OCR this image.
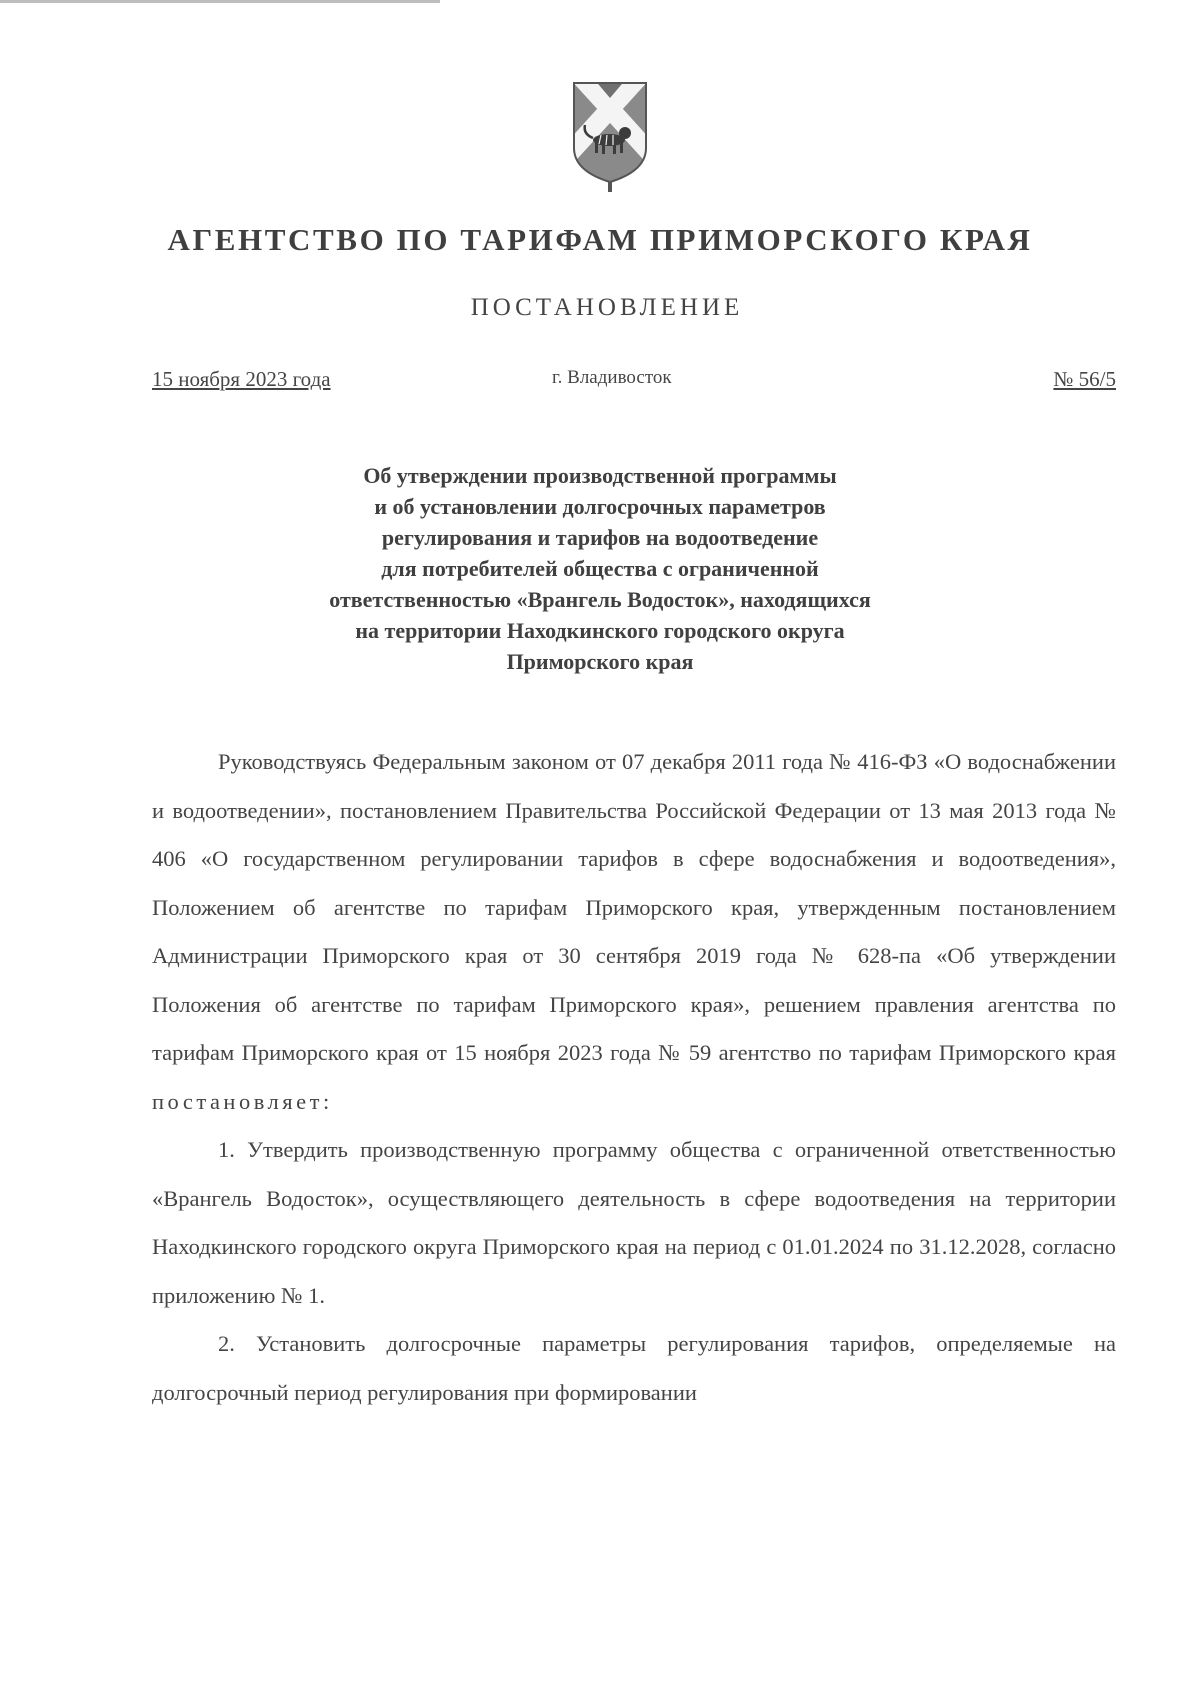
АГЕНТСТВО ПО ТАРИФАМ ПРИМОРСКОГО КРАЯ
ПОСТАНОВЛЕНИЕ
15 ноября 2023 года	г. Владивосток	№ 56/5
Об утверждении производственной программы
и об установлении долгосрочных параметров
регулирования и тарифов на водоотведение
для потребителей общества с ограниченной
ответственностью «Врангель Водосток», находящихся
на территории Находкинского городского округа
Приморского края

Руководствуясь Федеральным законом от 07 декабря 2011 года № 416-ФЗ «О водоснабжении и водоотведении», постановлением Правительства Российской Федерации от 13 мая 2013 года № 406 «О государственном регулировании тарифов в сфере водоснабжения и водоотведения», Положением об агентстве по тарифам Приморского края, утвержденным постановлением Администрации Приморского края от 30 сентября 2019 года № 628-па «Об утверждении Положения об агентстве по тарифам Приморского края», решением правления агентства по тарифам Приморского края от 15 ноября 2023 года № 59 агентство по тарифам Приморского края постановляет:

1. Утвердить производственную программу общества с ограниченной ответственностью «Врангель Водосток», осуществляющего деятельность в сфере водоотведения на территории Находкинского городского округа Приморского края на период с 01.01.2024 по 31.12.2028, согласно приложению № 1.

2. Установить долгосрочные параметры регулирования тарифов, определяемые на долгосрочный период регулирования при формировании
